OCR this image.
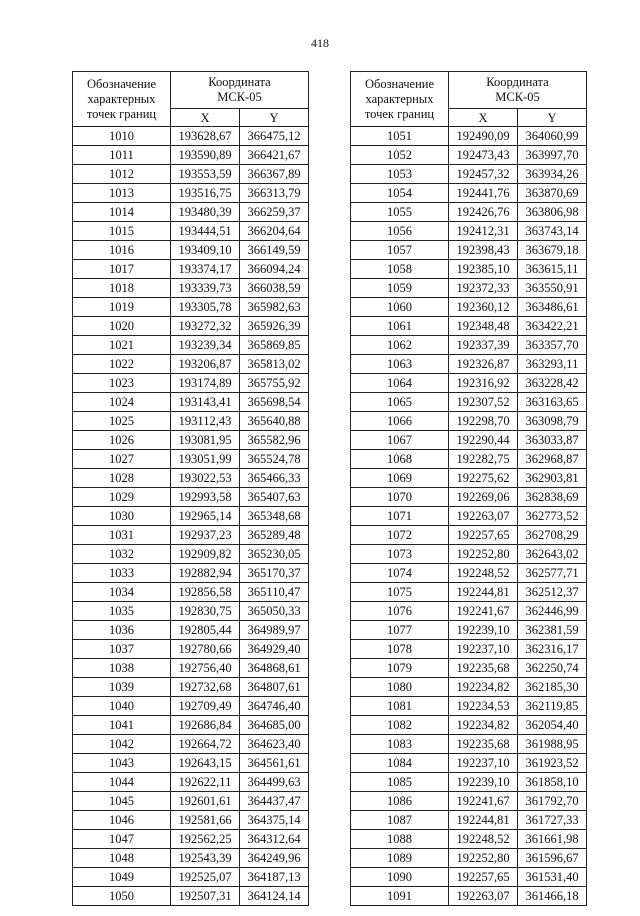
418
Обозначение
характерных
точек границ	Координата
МСК-05	
	X	Y
1010	193628,67	366475,12
1011	193590,89	366421,67
1012	193553,59	366367,89
1013	193516,75	366313,79
1014	193480,39	366259,37
1015	193444,51	366204,64
1016	193409,10	366149,59
1017	193374,17	366094,24
1018	193339,73	366038,59
1019	193305,78	365982,63
1020	193272,32	365926,39
1021	193239,34	365869,85
1022	193206,87	365813,02
1023	193174,89	365755,92
1024	193143,41	365698,54
1025	193112,43	365640,88
1026	193081,95	365582,96
1027	193051,99	365524,78
1028	193022,53	365466,33
1029	192993,58	365407,63
1030	192965,14	365348,68
1031	192937,23	365289,48
1032	192909,82	365230,05
1033	192882,94	365170,37
1034	192856,58	365110,47
1035	192830,75	365050,33
1036	192805,44	364989,97
1037	192780,66	364929,40
1038	192756,40	364868,61
1039	192732,68	364807,61
1040	192709,49	364746,40
1041	192686,84	364685,00
1042	192664,72	364623,40
1043	192643,15	364561,61
1044	192622,11	364499,63
1045	192601,61	364437,47
1046	192581,66	364375,14
1047	192562,25	364312,64
1048	192543,39	364249,96
1049	192525,07	364187,13
1050	192507,31	364124,14
Обозначение
характерных
точек границ	Координата
МСК-05	
	X	Y
1051	192490,09	364060,99
1052	192473,43	363997,70
1053	192457,32	363934,26
1054	192441,76	363870,69
1055	192426,76	363806,98
1056	192412,31	363743,14
1057	192398,43	363679,18
1058	192385,10	363615,11
1059	192372,33	363550,91
1060	192360,12	363486,61
1061	192348,48	363422,21
1062	192337,39	363357,70
1063	192326,87	363293,11
1064	192316,92	363228,42
1065	192307,52	363163,65
1066	192298,70	363098,79
1067	192290,44	363033,87
1068	192282,75	362968,87
1069	192275,62	362903,81
1070	192269,06	362838,69
1071	192263,07	362773,52
1072	192257,65	362708,29
1073	192252,80	362643,02
1074	192248,52	362577,71
1075	192244,81	362512,37
1076	192241,67	362446,99
1077	192239,10	362381,59
1078	192237,10	362316,17
1079	192235,68	362250,74
1080	192234,82	362185,30
1081	192234,53	362119,85
1082	192234,82	362054,40
1083	192235,68	361988,95
1084	192237,10	361923,52
1085	192239,10	361858,10
1086	192241,67	361792,70
1087	192244,81	361727,33
1088	192248,52	361661,98
1089	192252,80	361596,67
1090	192257,65	361531,40
1091	192263,07	361466,18
